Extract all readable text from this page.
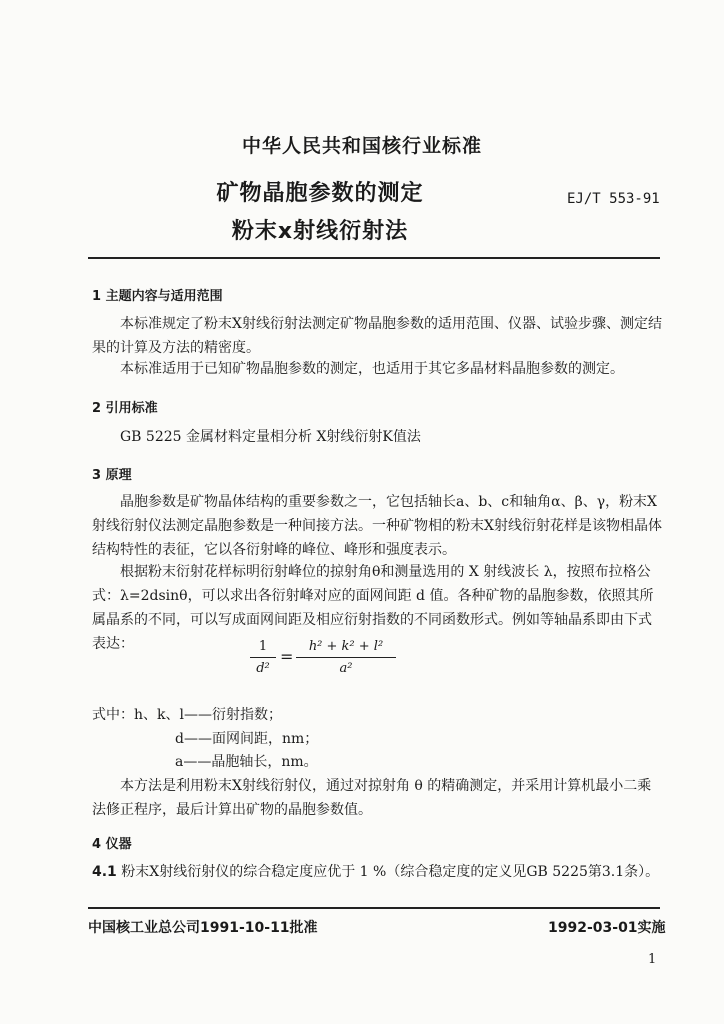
中华人民共和国核行业标准
矿物晶胞参数的测定
粉末x射线衍射法
EJ/T 553-91
1 主题内容与适用范围
本标准规定了粉末X射线衍射法测定矿物晶胞参数的适用范围、仪器、试验步骤、测定结果的计算及方法的精密度。
本标准适用于已知矿物晶胞参数的测定，也适用于其它多晶材料晶胞参数的测定。
2 引用标准
GB 5225 金属材料定量相分析 X射线衍射K值法
3 原理
晶胞参数是矿物晶体结构的重要参数之一，它包括轴长a、b、c和轴角α、β、γ，粉末X射线衍射仪法测定晶胞参数是一种间接方法。一种矿物相的粉末X射线衍射花样是该物相晶体结构特性的表征，它以各衍射峰的峰位、峰形和强度表示。
根据粉末衍射花样标明衍射峰位的掠射角θ和测量选用的 X 射线波长 λ，按照布拉格公式：λ=2dsinθ，可以求出各衍射峰对应的面网间距 d 值。各种矿物的晶胞参数，依照其所属晶系的不同，可以写成面网间距及相应衍射指数的不同函数形式。例如等轴晶系即由下式表达：	$\frac{1}{\text{d²}} = \frac{\text{h² + k² + l²}}{\text{a²}}$
式中：h、k、l——衍射指数；
d——面网间距，nm；
a——晶胞轴长，nm。
本方法是利用粉末X射线衍射仪，通过对掠射角 θ 的精确测定，并采用计算机最小二乘法修正程序，最后计算出矿物的晶胞参数值。
4 仪器
4.1 粉末X射线衍射仪的综合稳定度应优于 1 %（综合稳定度的定义见GB 5225第3.1条）。
中国核工业总公司1991-10-11批准	1992-03-01实施
1
